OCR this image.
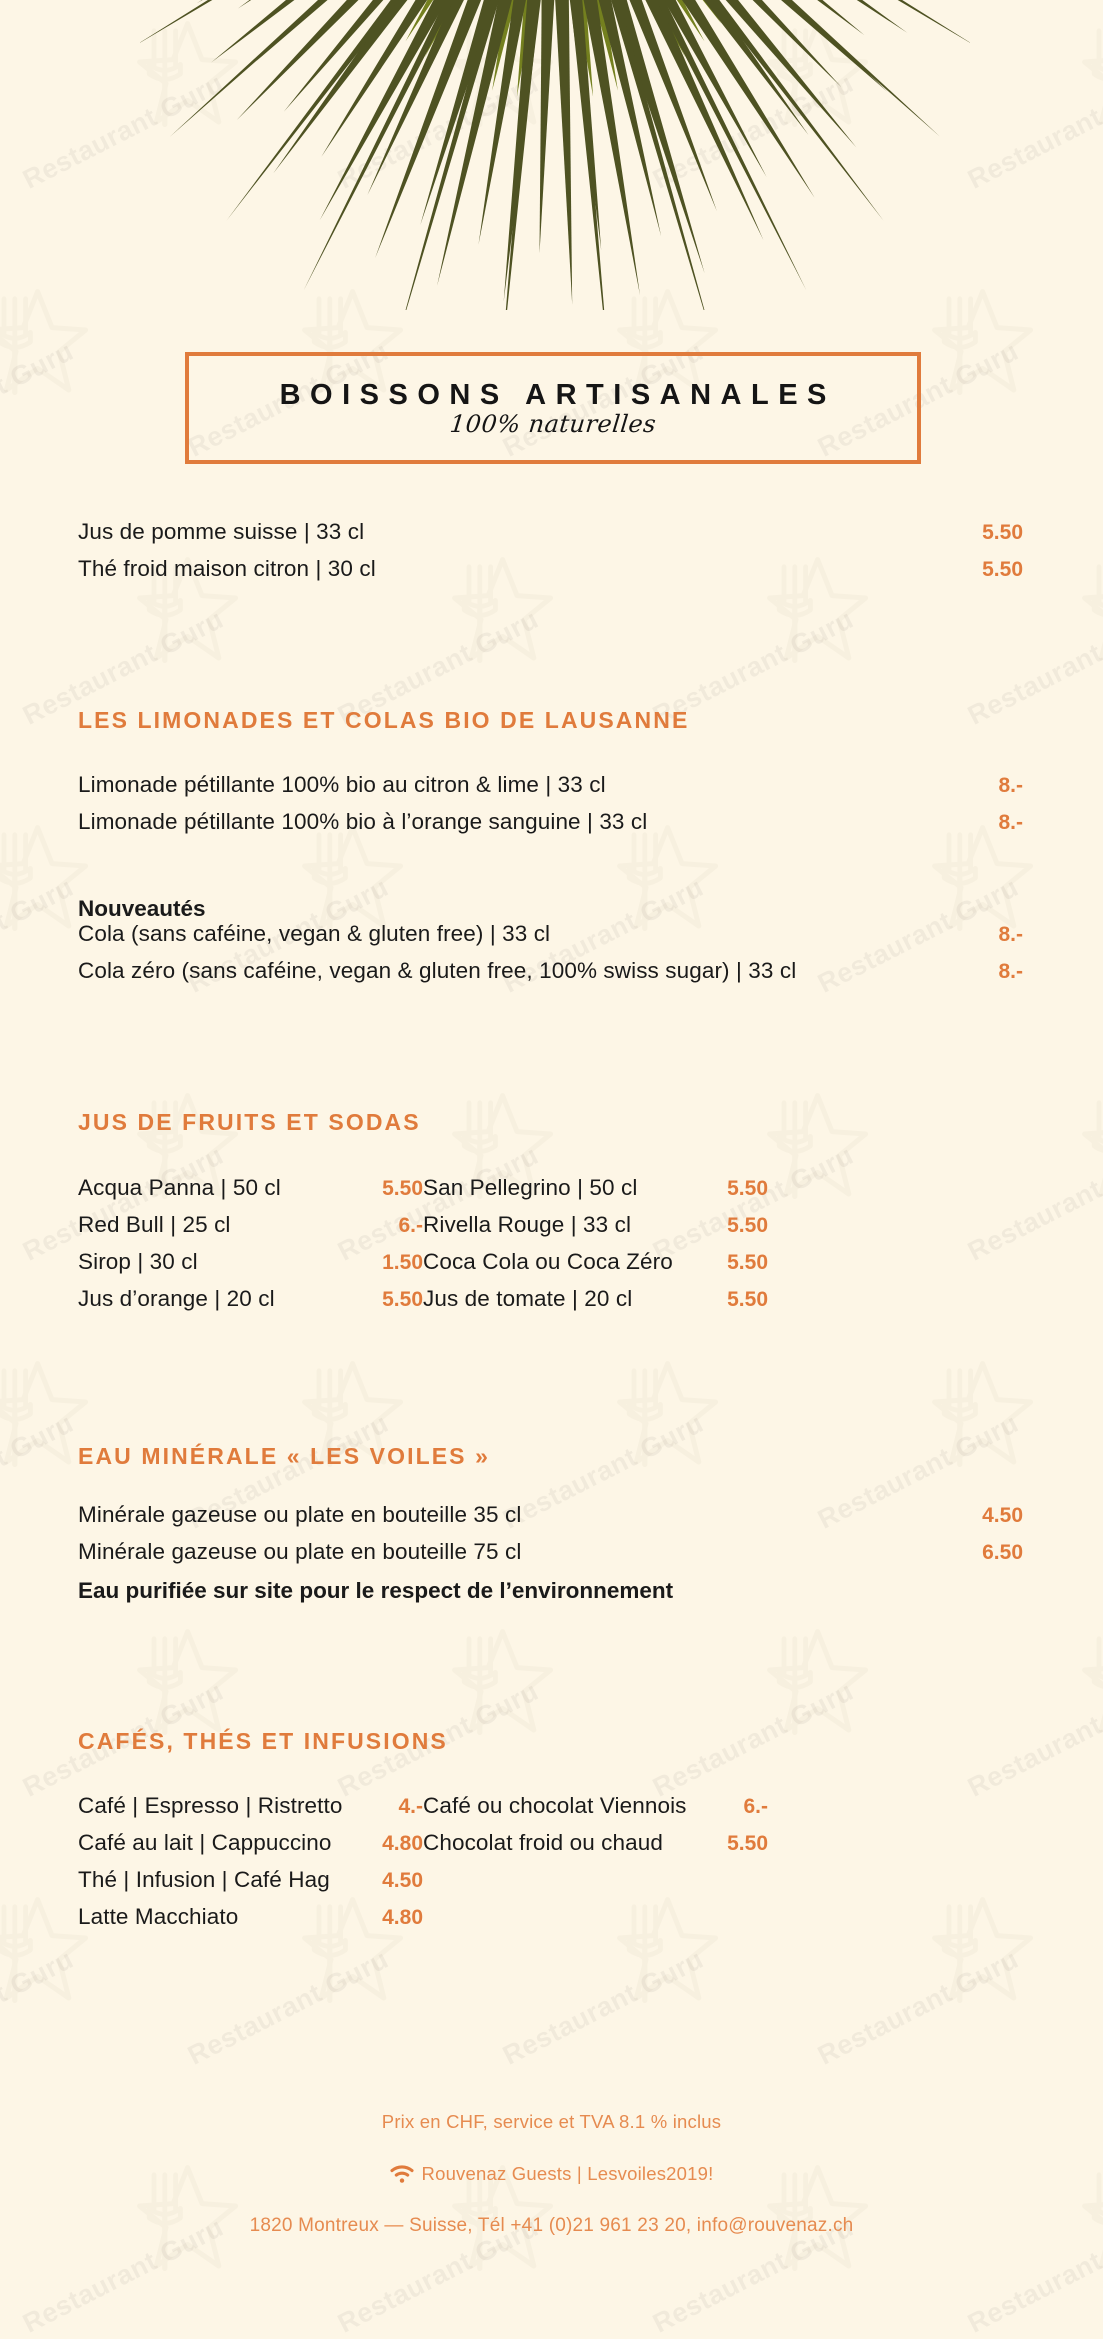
BOISSONS ARTISANALES
100% naturelles
Jus de pomme suisse | 33 cl	5.50
Thé froid maison citron | 30 cl	5.50
LES LIMONADES ET COLAS BIO DE LAUSANNE
Limonade pétillante 100% bio au citron & lime | 33 cl	8.-
Limonade pétillante 100% bio à l’orange sanguine | 33 cl	8.-
Nouveautés
Cola (sans caféine, vegan & gluten free) | 33 cl	8.-
Cola zéro (sans caféine, vegan & gluten free, 100% swiss sugar) | 33 cl	8.-
JUS DE FRUITS ET SODAS
Acqua Panna | 50 cl	5.50
Red Bull | 25 cl	6.-
Sirop | 30 cl	1.50
Jus d’orange | 20 cl	5.50
San Pellegrino | 50 cl	5.50
Rivella Rouge | 33 cl	5.50
Coca Cola ou Coca Zéro	5.50
Jus de tomate | 20 cl	5.50
EAU MINÉRALE « LES VOILES »
Minérale gazeuse ou plate en bouteille 35 cl	4.50
Minérale gazeuse ou plate en bouteille 75 cl	6.50
Eau purifiée sur site pour le respect de l’environnement
CAFÉS, THÉS ET INFUSIONS
Café | Espresso | Ristretto	4.-
Café au lait | Cappuccino	4.80
Thé | Infusion | Café Hag	4.50
Latte Macchiato	4.80
Café ou chocolat Viennois	6.-
Chocolat froid ou chaud	5.50
Prix en CHF, service et TVA 8.1 % inclus
Rouvenaz Guests | Lesvoiles2019!
1820 Montreux — Suisse, Tél +41 (0)21 961 23 20, info@rouvenaz.ch
